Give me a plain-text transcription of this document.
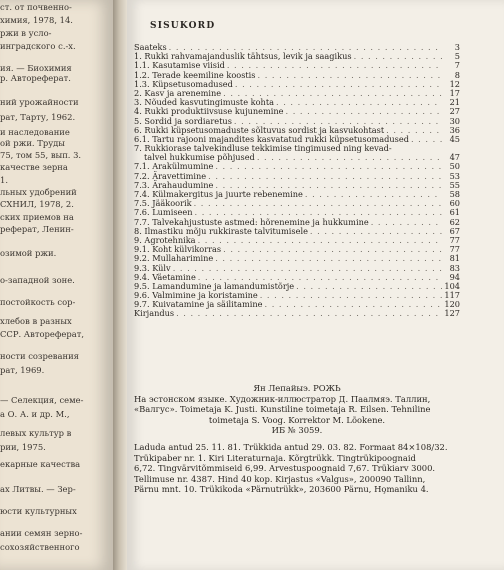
ст. от почвенно-
химия, 1978, 14.
ржи в усло-
инградского с.-х.
ия. — Биохимия
р. Автореферат.
ний урожайности
рат, Тарту, 1962.
и наследование
ой ржи. Труды
75, том 55, вып. 3.
качестве зерна
1.
льных удобрений
СХНИЛ, 1978, 2.
ских приемов на
реферат, Ленин-
озимой ржи.
о-западной зоне.
постойкость сор-
хлебов в разных
ССР. Автореферат,
ности созревания
рат, 1969.
— Селекция, семе-
а О. А. и др. М.,
левых культур в
рии, 1975.
екарные качества
ах Литвы. — Зер-
юсти культурных
ании семян зерно-
сохозяйственного
SISUKORD
Saateks . . .	3
1. Rukki rahvamajanduslik tähtsus, levik ja saagikus . . .	5
1.1. Kasutamise viisid . . .	7
1.2. Terade keemiline koostis . . .	8
1.3. Küpsetusomadused . . .	12
2. Kasv ja arenemine . . .	17
3. Nõuded kasvutingimuste kohta . . .	21
4. Rukki produktiivsuse kujunemine . . .	27
5. Sordid ja sordiaretus . . .	30
6. Rukki küpsetusomaduste sõltuvus sordist ja kasvukohtast . . .	36
6.1. Tartu rajooni majandites kasvatatud rukki küpsetusomadused . . .	45
7. Rukkiorase talvekindluse tekkimise tingimused ning kevad-
talvel hukkumise põhjused . . .	47
7.1. Arakülmumine . . .	50
7.2. Äravettimine . . .	53
7.3. Ärahaudumine . . .	55
7.4. Külmakergitus ja juurte rebenemine . . .	58
7.5. Jääkoorik . . .	60
7.6. Lumiseen . . .	61
7.7. Talvekahjustuste astmed: hõrenemine ja hukkumine . . .	62
8. Ilmastiku mõju rukkiraste talvitumisele . . .	67
9. Agrotehnika . . .	77
9.1. Koht külvikorras . . .	77
9.2. Mullaharimine . . .	81
9.3. Külv . . .	83
9.4. Väetamine . . .	94
9.5. Lamandumine ja lamandumistõrje . . .	104
9.6. Valmimine ja koristamine . . .	117
9.7. Kuivatamine ja säilitamine . . .	120
Kirjandus . . .	127
Ян Лепайыэ. РОЖЬ
На эстонском языке. Художник-иллюстратор Д. Паалмяэ. Таллин,
«Валгус». Toimetaja K. Justi. Kunstiline toimetaja R. Eilsen. Tehniline
toimetaja S. Voog. Korrektor M. Lõokene.
ИБ № 3059.
Laduda antud 25. 11. 81. Trükkida antud 29. 03. 82. Formaat 84×108/32.
Trükipaber nr. 1. Kiri Literaturnaja. Kõrgtrükk. Tingtrükipoognaid
6,72. Tingvärvitõmmiseid 6,99. Arvestuspoognaid 7,67. Trükiarv 3000.
Tellimuse nr. 4387. Hind 40 kop. Kirjastus «Valgus», 200090 Tallinn,
Pärnu mnt. 10. Trükikoda «Pärnutrükk», 203600 Pärnu, Ho̧maniku 4.
